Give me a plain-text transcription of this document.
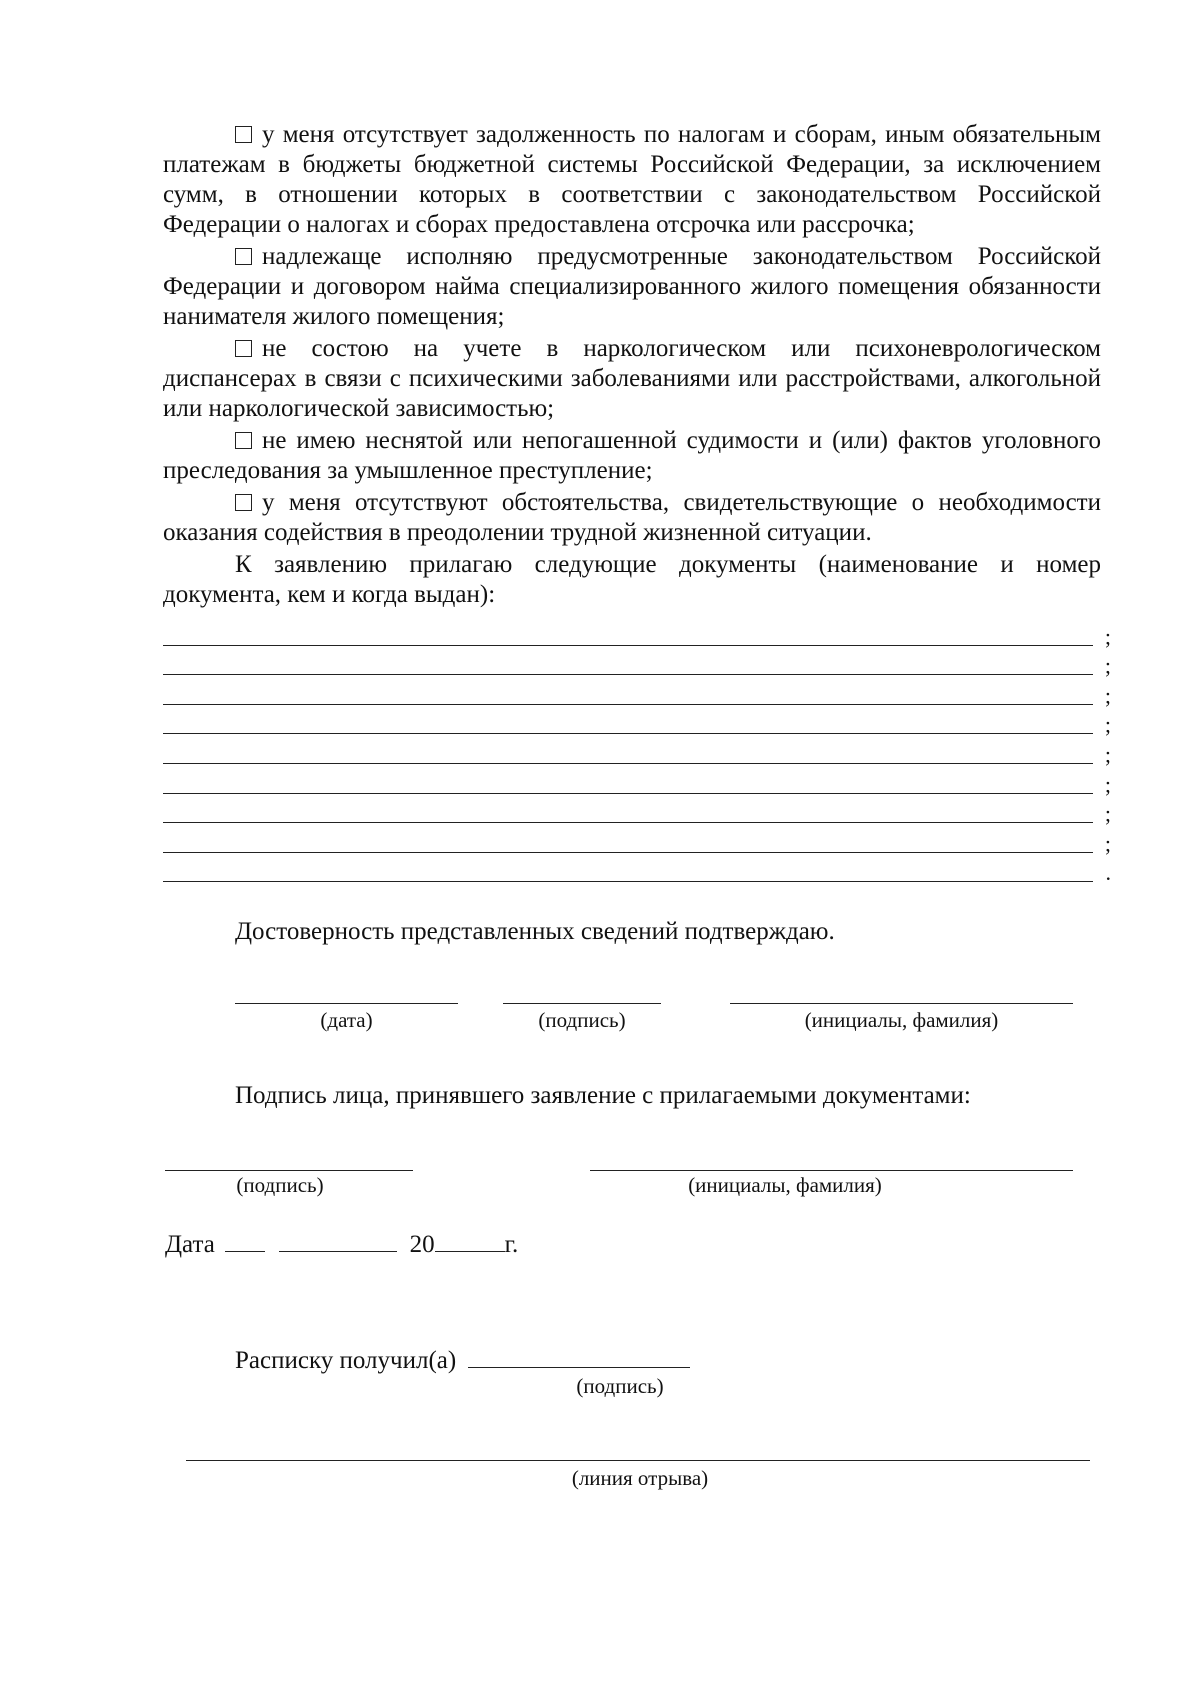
у меня отсутствует задолженность по налогам и сборам, иным обязательным платежам в бюджеты бюджетной системы Российской Федерации, за исключением сумм, в отношении которых в соответствии с законодательством Российской Федерации о налогах и сборах предоставлена отсрочка или рассрочка;

надлежаще исполняю предусмотренные законодательством Российской Федерации и договором найма специализированного жилого помещения обязанности нанимателя жилого помещения;

не состою на учете в наркологическом или психоневрологическом диспансерах в связи с психическими заболеваниями или расстройствами, алкогольной или наркологической зависимостью;

не имею неснятой или непогашенной судимости и (или) фактов уголовного преследования за умышленное преступление;

у меня отсутствуют обстоятельства, свидетельствующие о необходимости оказания содействия в преодолении трудной жизненной ситуации.

К заявлению прилагаю следующие документы (наименование и номер документа, кем и когда выдан):

;
;
;
;
;
;
;
;
.
Достоверность представленных сведений подтверждаю.
(дата)	(подпись)	(инициалы, фамилия)
Подпись лица, принявшего заявление с прилагаемыми документами:
(подпись)	(инициалы, фамилия)
Дата	20	г.
Расписку получил(а)
(подпись)
(линия отрыва)
